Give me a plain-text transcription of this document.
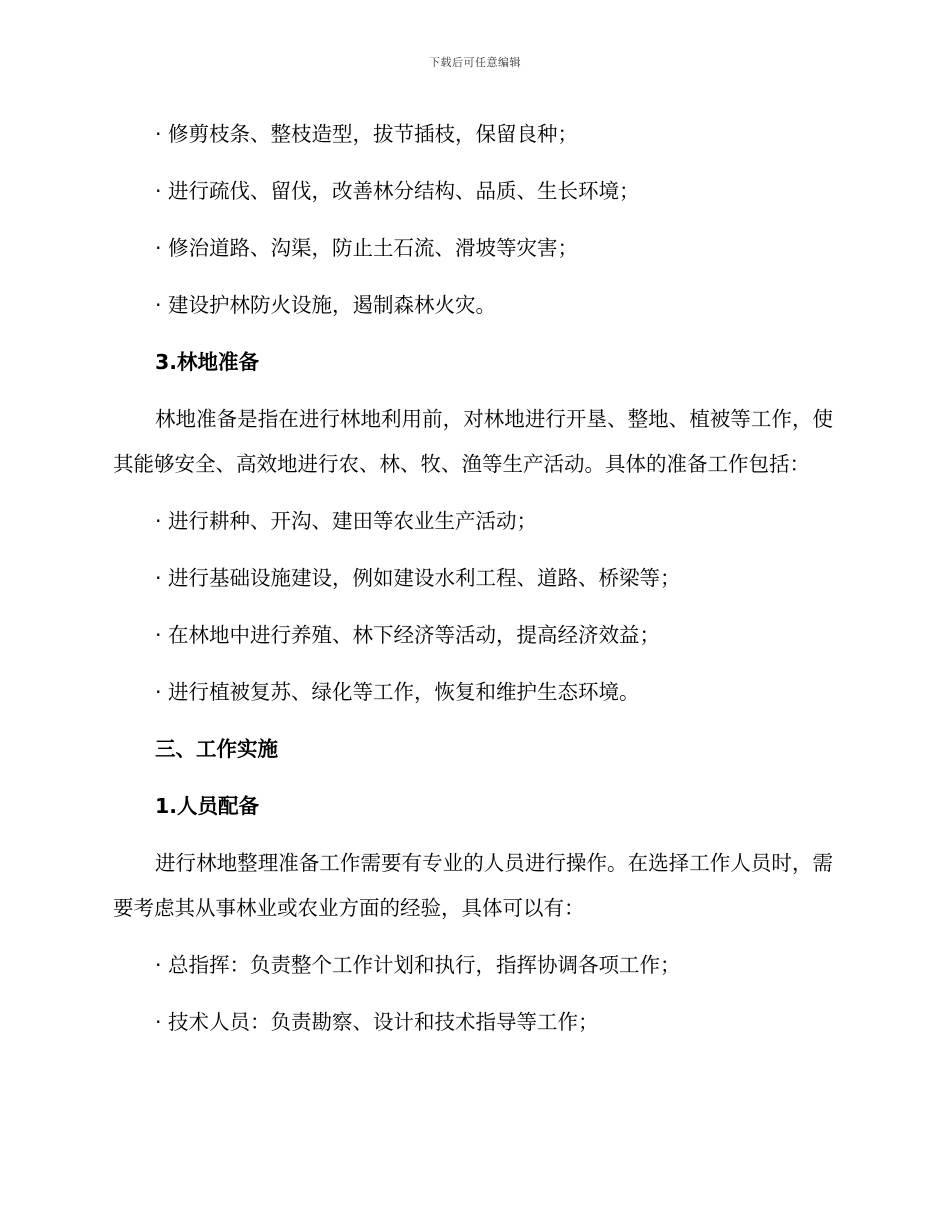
下载后可任意编辑

· 修剪枝条、整枝造型，拔节插枝，保留良种；

· 进行疏伐、留伐，改善林分结构、品质、生长环境；

· 修治道路、沟渠，防止土石流、滑坡等灾害；

· 建设护林防火设施，遏制森林火灾。

3.林地准备

林地准备是指在进行林地利用前，对林地进行开垦、整地、植被等工作，使其能够安全、高效地进行农、林、牧、渔等生产活动。具体的准备工作包括：

· 进行耕种、开沟、建田等农业生产活动；

· 进行基础设施建设，例如建设水利工程、道路、桥梁等；

· 在林地中进行养殖、林下经济等活动，提高经济效益；

· 进行植被复苏、绿化等工作，恢复和维护生态环境。

三、工作实施

1.人员配备

进行林地整理准备工作需要有专业的人员进行操作。在选择工作人员时，需要考虑其从事林业或农业方面的经验，具体可以有：

· 总指挥：负责整个工作计划和执行，指挥协调各项工作；

· 技术人员：负责勘察、设计和技术指导等工作；
